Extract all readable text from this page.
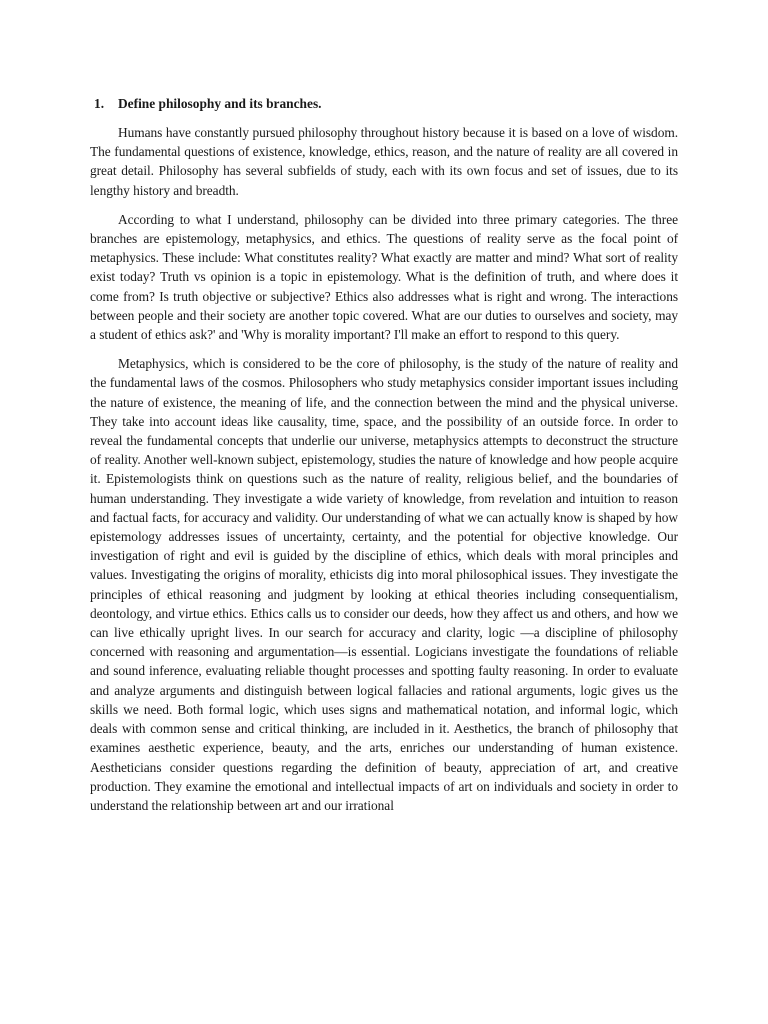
1. Define philosophy and its branches.

Humans have constantly pursued philosophy throughout history because it is based on a love of wisdom. The fundamental questions of existence, knowledge, ethics, reason, and the nature of reality are all covered in great detail. Philosophy has several subfields of study, each with its own focus and set of issues, due to its lengthy history and breadth.

According to what I understand, philosophy can be divided into three primary categories. The three branches are epistemology, metaphysics, and ethics. The questions of reality serve as the focal point of metaphysics. These include: What constitutes reality? What exactly are matter and mind? What sort of reality exist today? Truth vs opinion is a topic in epistemology. What is the definition of truth, and where does it come from? Is truth objective or subjective? Ethics also addresses what is right and wrong. The interactions between people and their society are another topic covered. What are our duties to ourselves and society, may a student of ethics ask?' and 'Why is morality important? I'll make an effort to respond to this query.

Metaphysics, which is considered to be the core of philosophy, is the study of the nature of reality and the fundamental laws of the cosmos. Philosophers who study metaphysics consider important issues including the nature of existence, the meaning of life, and the connection between the mind and the physical universe. They take into account ideas like causality, time, space, and the possibility of an outside force. In order to reveal the fundamental concepts that underlie our universe, metaphysics attempts to deconstruct the structure of reality. Another well-known subject, epistemology, studies the nature of knowledge and how people acquire it. Epistemologists think on questions such as the nature of reality, religious belief, and the boundaries of human understanding. They investigate a wide variety of knowledge, from revelation and intuition to reason and factual facts, for accuracy and validity. Our understanding of what we can actually know is shaped by how epistemology addresses issues of uncertainty, certainty, and the potential for objective knowledge. Our investigation of right and evil is guided by the discipline of ethics, which deals with moral principles and values. Investigating the origins of morality, ethicists dig into moral philosophical issues. They investigate the principles of ethical reasoning and judgment by looking at ethical theories including consequentialism, deontology, and virtue ethics. Ethics calls us to consider our deeds, how they affect us and others, and how we can live ethically upright lives. In our search for accuracy and clarity, logic —a discipline of philosophy concerned with reasoning and argumentation—is essential. Logicians investigate the foundations of reliable and sound inference, evaluating reliable thought processes and spotting faulty reasoning. In order to evaluate and analyze arguments and distinguish between logical fallacies and rational arguments, logic gives us the skills we need. Both formal logic, which uses signs and mathematical notation, and informal logic, which deals with common sense and critical thinking, are included in it. Aesthetics, the branch of philosophy that examines aesthetic experience, beauty, and the arts, enriches our understanding of human existence. Aestheticians consider questions regarding the definition of beauty, appreciation of art, and creative production. They examine the emotional and intellectual impacts of art on individuals and society in order to understand the relationship between art and our irrational
